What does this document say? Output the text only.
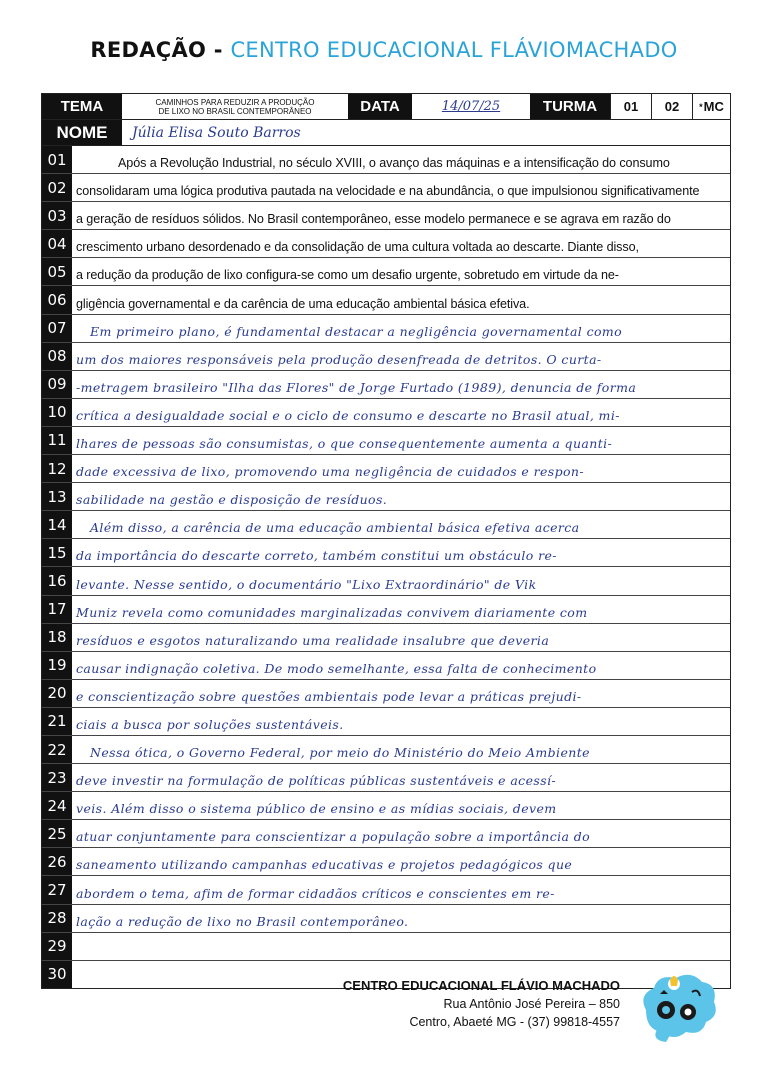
REDAÇÃO - CENTRO EDUCACIONAL FLÁVIOMACHADO
TEMA	CAMINHOS PARA REDUZIR A PRODUÇÃO
DE LIXO NO BRASIL CONTEMPORÂNEO	DATA	14/07/25	TURMA	01	02	* MC
NOME	Júlia Elisa Souto Barros
01	Após a Revolução Industrial, no século XVIII, o avanço das máquinas e a intensificação do consumo
02 consolidaram uma lógica produtiva pautada na velocidade e na abundância, o que impulsionou significativamente
03 a geração de resíduos sólidos. No Brasil contemporâneo, esse modelo permanece e se agrava em razão do
04 crescimento urbano desordenado e da consolidação de uma cultura voltada ao descarte. Diante disso,
05 a redução da produção de lixo configura-se como um desafio urgente, sobretudo em virtude da ne-
06 gligência governamental e da carência de uma educação ambiental básica efetiva.
07	Em primeiro plano, é fundamental destacar a negligência governamental como
08 um dos maiores responsáveis pela produção desenfreada de detritos. O curta-
09 -metragem brasileiro "Ilha das Flores" de Jorge Furtado (1989), denuncia de forma
10 crítica a desigualdade social e o ciclo de consumo e descarte no Brasil atual, mi-
11 lhares de pessoas são consumistas, o que consequentemente aumenta a quanti-
12 dade excessiva de lixo, promovendo uma negligência de cuidados e respon-
13 sabilidade na gestão e disposição de resíduos.
14	Além disso, a carência de uma educação ambiental básica efetiva acerca
15 da importância do descarte correto, também constitui um obstáculo re-
16 levante. Nesse sentido, o documentário "Lixo Extraordinário" de Vik
17 Muniz revela como comunidades marginalizadas convivem diariamente com
18 resíduos e esgotos naturalizando uma realidade insalubre que deveria
19 causar indignação coletiva. De modo semelhante, essa falta de conhecimento
20 e conscientização sobre questões ambientais pode levar a práticas prejudi-
21 ciais a busca por soluções sustentáveis.
22	Nessa ótica, o Governo Federal, por meio do Ministério do Meio Ambiente
23 deve investir na formulação de políticas públicas sustentáveis e acessí-
24 veis. Além disso o sistema público de ensino e as mídias sociais, devem
25 atuar conjuntamente para conscientizar a população sobre a importância do
26 saneamento utilizando campanhas educativas e projetos pedagógicos que
27 abordem o tema, afim de formar cidadãos críticos e conscientes em re-
28 lação a redução de lixo no Brasil contemporâneo.
29
30
CENTRO EDUCACIONAL FLÁVIO MACHADO
Rua Antônio José Pereira – 850
Centro, Abaeté MG - (37) 99818-4557
